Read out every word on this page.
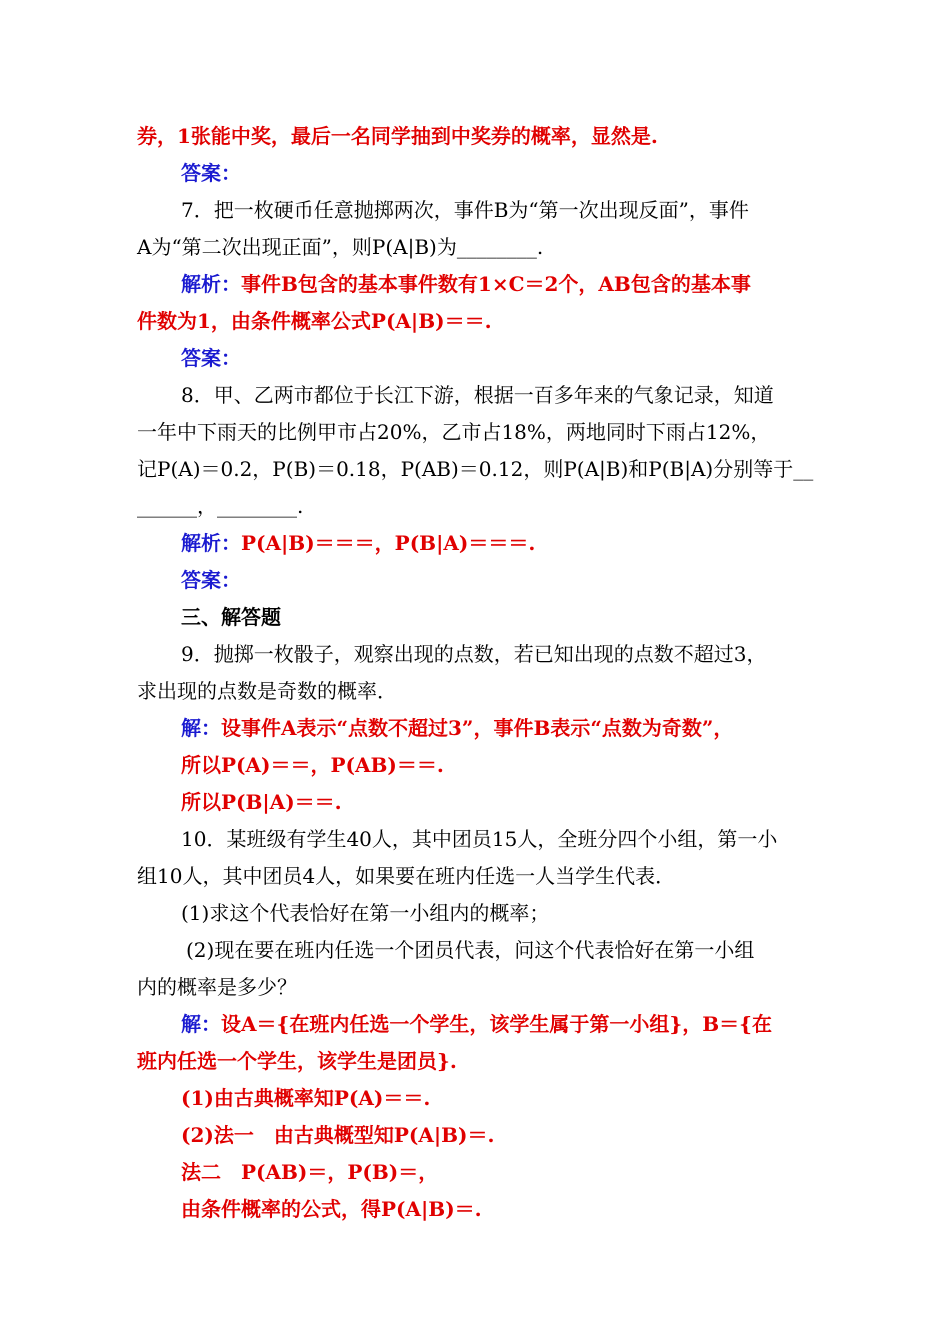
券，1张能中奖，最后一名同学抽到中奖券的概率，显然是.
答案：
7．把一枚硬币任意抛掷两次，事件B为“第一次出现反面”，事件
A为“第二次出现正面”，则P(A|B)为________.
解析：事件B包含的基本事件数有1×C＝2个，AB包含的基本事
件数为1，由条件概率公式P(A|B)＝＝.
答案：
8．甲、乙两市都位于长江下游，根据一百多年来的气象记录，知道
一年中下雨天的比例甲市占20%，乙市占18%，两地同时下雨占12%，
记P(A)＝0.2，P(B)＝0.18，P(AB)＝0.12，则P(A|B)和P(B|A)分别等于__
______，________.
解析：P(A|B)＝＝＝，P(B|A)＝＝＝.
答案：
三、解答题
9．抛掷一枚骰子，观察出现的点数，若已知出现的点数不超过3，
求出现的点数是奇数的概率．
解：设事件A表示“点数不超过3”，事件B表示“点数为奇数”，
所以P(A)＝＝，P(AB)＝＝.
所以P(B|A)＝＝.
10．某班级有学生40人，其中团员15人，全班分四个小组，第一小
组10人，其中团员4人，如果要在班内任选一人当学生代表．
(1)求这个代表恰好在第一小组内的概率；
(2)现在要在班内任选一个团员代表，问这个代表恰好在第一小组
内的概率是多少？
解：设A＝{在班内任选一个学生，该学生属于第一小组}，B＝{在
班内任选一个学生，该学生是团员}.
(1)由古典概率知P(A)＝＝.
(2)法一　由古典概型知P(A|B)＝.
法二　 P(AB)＝，P(B)＝，
由条件概率的公式，得P(A|B)＝.
